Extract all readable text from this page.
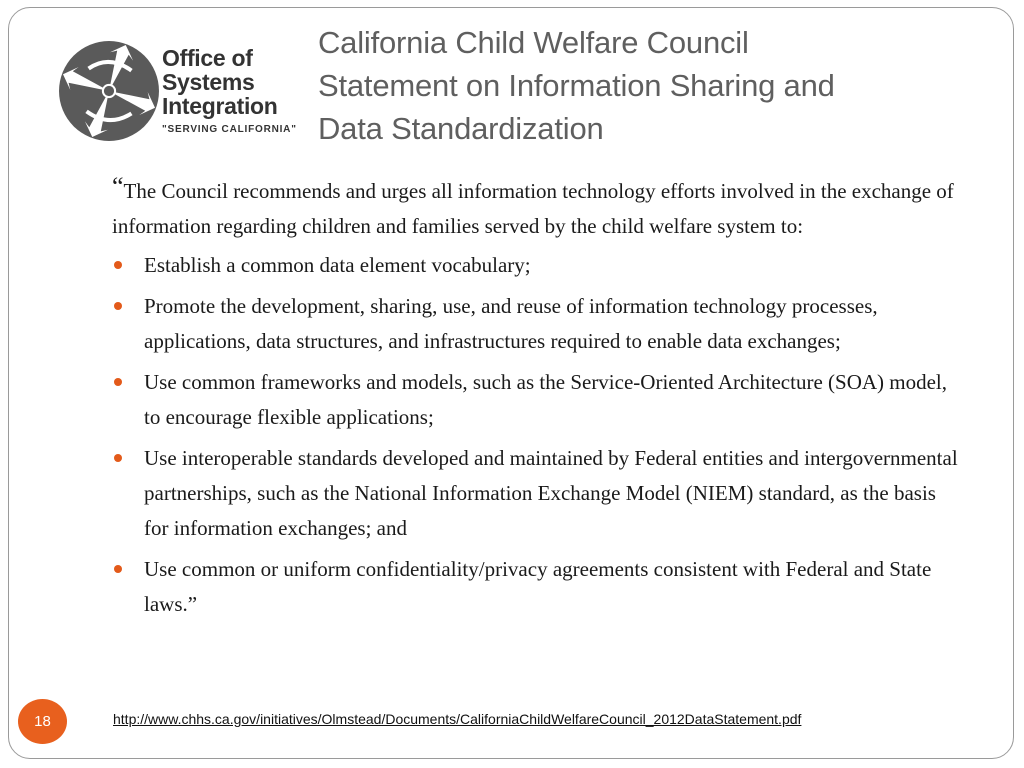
Office of
Systems
Integration
"SERVING CALIFORNIA"
California Child Welfare Council
Statement on Information Sharing and
Data Standardization

“The Council recommends and urges all information technology efforts involved in the exchange of information regarding children and families served by the child welfare system to:

Establish a common data element vocabulary;
Promote the development, sharing, use, and reuse of information technology processes, applications, data structures, and infrastructures required to enable data exchanges;
Use common frameworks and models, such as the Service-Oriented Architecture (SOA) model, to encourage flexible applications;
Use interoperable standards developed and maintained by Federal entities and intergovernmental partnerships, such as the National Information Exchange Model (NIEM) standard, as the basis for information exchanges; and
Use common or uniform confidentiality/privacy agreements consistent with Federal and State laws.”
18	http://www.chhs.ca.gov/initiatives/Olmstead/Documents/CaliforniaChildWelfareCouncil_2012DataStatement.pdf
